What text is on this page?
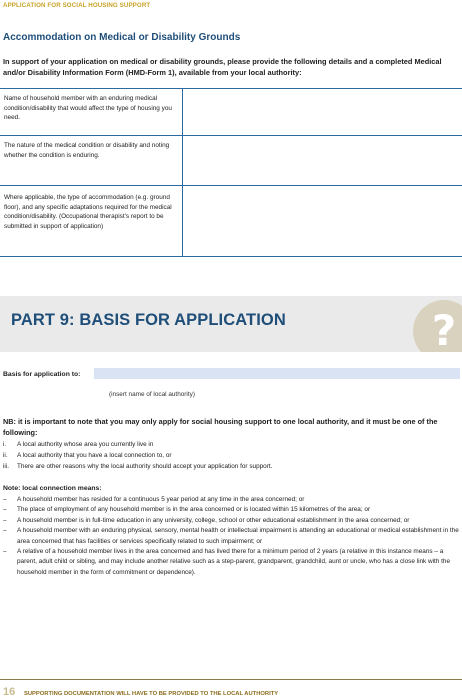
APPLICATION FOR SOCIAL HOUSING SUPPORT
Accommodation on Medical or Disability Grounds
In support of your application on medical or disability grounds, please provide the following details and a completed Medical and/or Disability Information Form (HMD-Form 1), available from your local authority:
Name of household member with an enduring medical condition/disability that would affect the type of housing you need.
The nature of the medical condition or disability and noting whether the condition is enduring.
Where applicable, the type of accommodation (e.g. ground floor), and any specific adaptations required for the medical condition/disability. (Occupational therapist's report to be submitted in support of application)
PART 9: BASIS FOR APPLICATION	?
Basis for application to:
(insert name of local authority)
NB: it is important to note that you may only apply for social housing support to one local authority, and it must be one of the following:
i.	A local authority whose area you currently live in
ii.	A local authority that you have a local connection to, or
iii.	There are other reasons why the local authority should accept your application for support.
Note: local connection means:
–	A household member has resided for a continuous 5 year period at any time in the area concerned; or
–	The place of employment of any household member is in the area concerned or is located within 15 kilometres of the area; or
–	A household member is in full-time education in any university, college, school or other educational establishment in the area concerned; or
–	A household member with an enduring physical, sensory, mental health or intellectual impairment is attending an educational or medical establishment in the area concerned that has facilities or services specifically related to such impairment; or
–	A relative of a household member lives in the area concerned and has lived there for a minimum period of 2 years (a relative in this instance means – a parent, adult child or sibling, and may include another relative such as a step-parent, grandparent, grandchild, aunt or uncle, who has a close link with the household member in the form of commitment or dependence).
16 SUPPORTING DOCUMENTATION WILL HAVE TO BE PROVIDED TO THE LOCAL AUTHORITY
